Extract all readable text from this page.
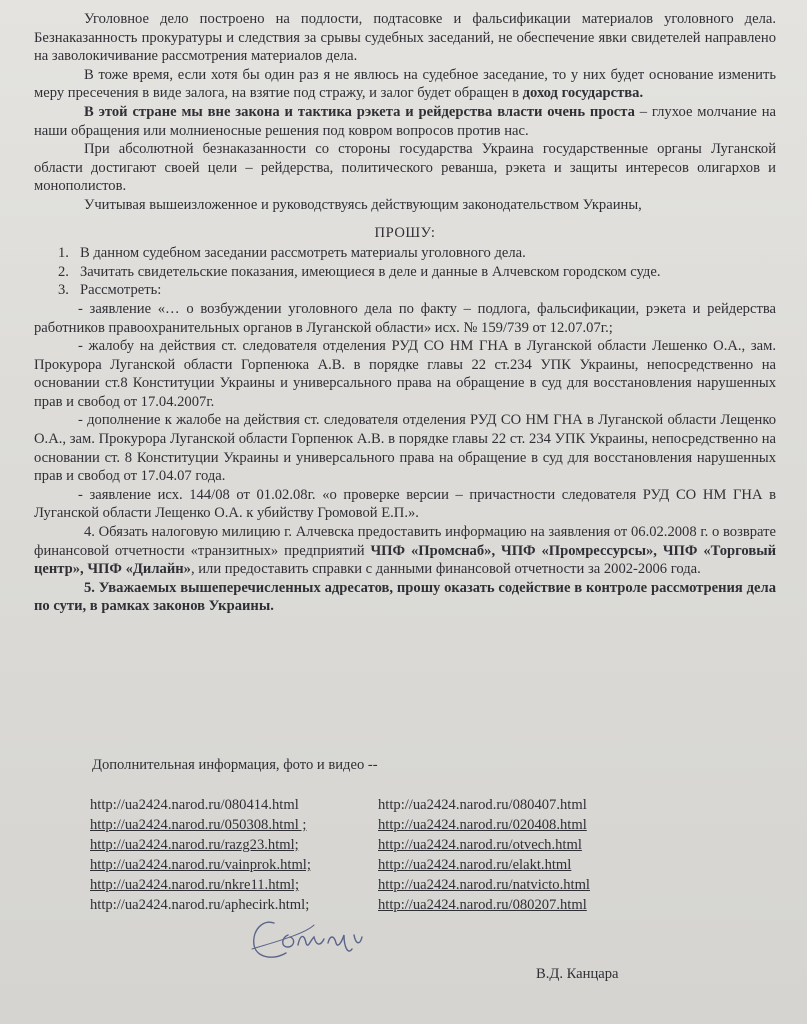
Уголовное дело построено на подлости, подтасовке и фальсификации материалов уголовного дела. Безнаказанность прокуратуры и следствия за срывы судебных заседаний, не обеспечение явки свидетелей направлено на заволокичивание рассмотрения материалов дела.

В тоже время, если хотя бы один раз я не явлюсь на судебное заседание, то у них будет основание изменить меру пресечения в виде залога, на взятие под стражу, и залог будет обращен в доход государства.

В этой стране мы вне закона и тактика рэкета и рейдерства власти очень проста – глухое молчание на наши обращения или молниеносные решения под ковром вопросов против нас.

При абсолютной безнаказанности со стороны государства Украина государственные органы Луганской области достигают своей цели – рейдерства, политического реванша, рэкета и защиты интересов олигархов и монополистов.

Учитывая вышеизложенное и руководствуясь действующим законодательством Украины,

ПРОШУ:

1. В данном судебном заседании рассмотреть материалы уголовного дела.

2. Зачитать свидетельские показания, имеющиеся в деле и данные в Алчевском городском суде.

3. Рассмотреть:

- заявление «… о возбуждении уголовного дела по факту – подлога, фальсификации, рэкета и рейдерства работников правоохранительных органов в Луганской области» исх. № 159/739 от 12.07.07г.;

- жалобу на действия ст. следователя отделения РУД СО НМ ГНА в Луганской области Лешенко О.А., зам. Прокурора Луганской области Горпенюка А.В. в порядке главы 22 ст.234 УПК Украины, непосредственно на основании ст.8 Конституции Украины и универсального права на обращение в суд для восстановления нарушенных прав и свобод от 17.04.2007г.

- дополнение к жалобе на действия ст. следователя отделения РУД СО НМ ГНА в Луганской области Лещенко О.А., зам. Прокурора Луганской области Горпенюк А.В. в порядке главы 22 ст. 234 УПК Украины, непосредственно на основании ст. 8 Конституции Украины и универсального права на обращение в суд для восстановления нарушенных прав и свобод от 17.04.07 года.

- заявление исх. 144/08 от 01.02.08г. «о проверке версии – причастности следователя РУД СО НМ ГНА в Луганской области Лещенко О.А. к убийству Громовой Е.П.».

4. Обязать налоговую милицию г. Алчевска предоставить информацию на заявления от 06.02.2008 г. о возврате финансовой отчетности «транзитных» предприятий ЧПФ «Промснаб», ЧПФ «Промрессурсы», ЧПФ «Торговый центр», ЧПФ «Дилайн», или предоставить справки с данными финансовой отчетности за 2002-2006 года.

5. Уважаемых вышеперечисленных адресатов, прошу оказать содействие в контроле рассмотрения дела по сути, в рамках законов Украины.

Дополнительная информация, фото и видео --
http://ua2424.narod.ru/080414.html
http://ua2424.narod.ru/050308.html ;
http://ua2424.narod.ru/razg23.html;
http://ua2424.narod.ru/vainprok.html;
http://ua2424.narod.ru/nkre11.html;
http://ua2424.narod.ru/aphecirk.html;
http://ua2424.narod.ru/080407.html
http://ua2424.narod.ru/020408.html
http://ua2424.narod.ru/otvech.html
http://ua2424.narod.ru/elakt.html
http://ua2424.narod.ru/natvicto.html
http://ua2424.narod.ru/080207.html
В.Д. Канцара
